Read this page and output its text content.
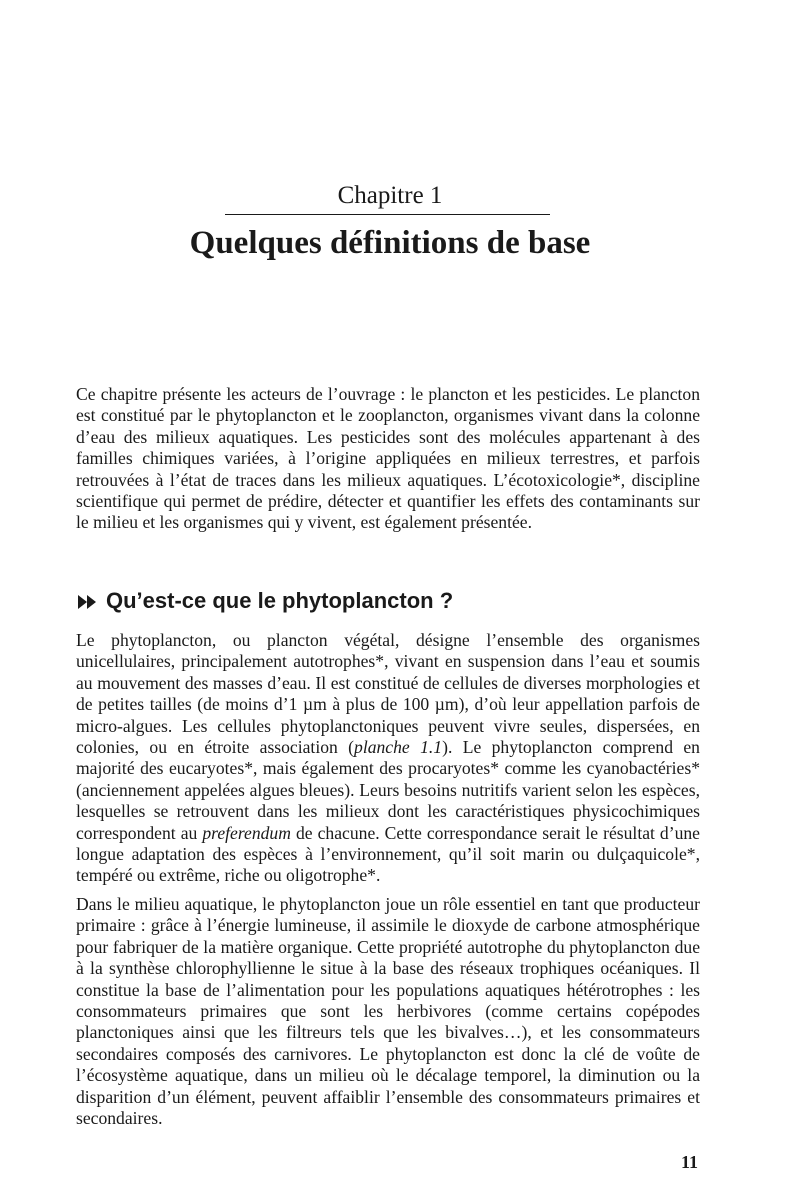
Chapitre 1
Quelques définitions de base

Ce chapitre présente les acteurs de l’ouvrage : le plancton et les pesticides. Le plancton est constitué par le phytoplancton et le zooplancton, organismes vivant dans la colonne d’eau des milieux aquatiques. Les pesticides sont des molécules appartenant à des familles chimiques variées, à l’origine appliquées en milieux terrestres, et parfois retrouvées à l’état de traces dans les milieux aquatiques. L’écotoxicologie*, discipline scientifique qui permet de prédire, détecter et quantifier les effets des contaminants sur le milieu et les organismes qui y vivent, est également présentée.

Qu’est-ce que le phytoplancton ?

Le phytoplancton, ou plancton végétal, désigne l’ensemble des organismes unicellulaires, principalement autotrophes*, vivant en suspension dans l’eau et soumis au mouvement des masses d’eau. Il est constitué de cellules de diverses morphologies et de petites tailles (de moins d’1 µm à plus de 100 µm), d’où leur appellation parfois de micro-algues. Les cellules phytoplanctoniques peuvent vivre seules, dispersées, en colonies, ou en étroite association (planche 1.1). Le phytoplancton comprend en majorité des eucaryotes*, mais également des procaryotes* comme les cyanobactéries* (anciennement appelées algues bleues). Leurs besoins nutritifs varient selon les espèces, lesquelles se retrouvent dans les milieux dont les caractéristiques physicochimiques correspondent au preferendum de chacune. Cette correspondance serait le résultat d’une longue adaptation des espèces à l’environnement, qu’il soit marin ou dulçaquicole*, tempéré ou extrême, riche ou oligotrophe*.

Dans le milieu aquatique, le phytoplancton joue un rôle essentiel en tant que producteur primaire : grâce à l’énergie lumineuse, il assimile le dioxyde de carbone atmosphérique pour fabriquer de la matière organique. Cette propriété autotrophe du phytoplancton due à la synthèse chlorophyllienne le situe à la base des réseaux trophiques océaniques. Il constitue la base de l’alimentation pour les populations aquatiques hétérotrophes : les consommateurs primaires que sont les herbivores (comme certains copépodes planctoniques ainsi que les filtreurs tels que les bivalves…), et les consommateurs secondaires composés des carnivores. Le phytoplancton est donc la clé de voûte de l’écosystème aquatique, dans un milieu où le décalage temporel, la diminution ou la disparition d’un élément, peuvent affaiblir l’ensemble des consommateurs primaires et secondaires.

11
